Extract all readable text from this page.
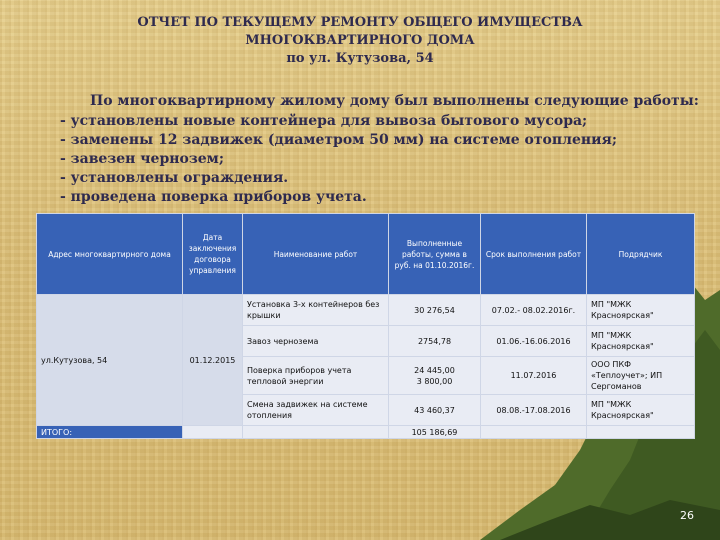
ОТЧЕТ ПО ТЕКУЩЕМУ РЕМОНТУ ОБЩЕГО ИМУЩЕСТВА
МНОГОКВАРТИРНОГО ДОМА
по ул. Кутузова, 54
По многоквартирному жилому дому был выполнены следующие работы:
- установлены новые контейнера для вывоза бытового мусора;
- заменены 12 задвижек (диаметром 50 мм) на системе отопления;
- завезен чернозем;
- установлены ограждения.
- проведена поверка приборов учета.
Адрес многоквартирного дома	Дата заключения договора управления	Наименование работ	Выполненные работы, сумма в руб. на 01.10.2016г.	Срок выполнения работ	Подрядчик
ул.Кутузова, 54	01.12.2015	Установка 3-х контейнеров без крышки	30 276,54	07.02.- 08.02.2016г.	МП "МЖК Красноярская"
		Завоз чернозема	2754,78	01.06.-16.06.2016	МП "МЖК Красноярская"
		Поверка приборов учета тепловой энергии	24 445,00
3 800,00	11.07.2016	ООО ПКФ «Теплоучет»; ИП Сергоманов
		Смена задвижек на системе отопления	43 460,37	08.08.-17.08.2016	МП "МЖК Красноярская"
ИТОГО:			105 186,69		
26
